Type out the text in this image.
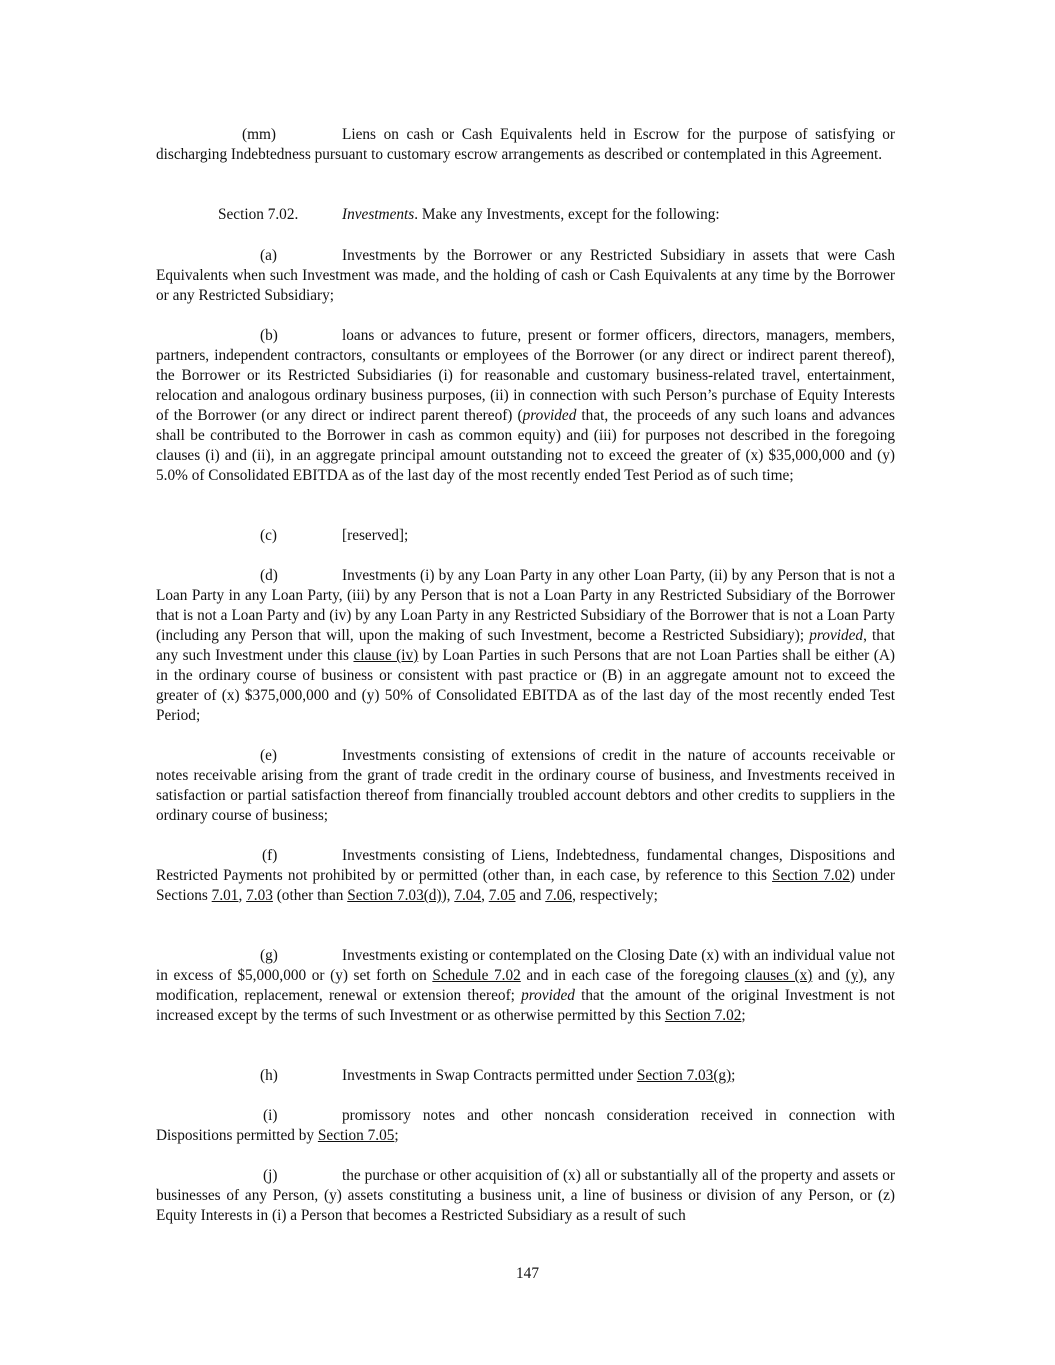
(mm)	Liens on cash or Cash Equivalents held in Escrow for the purpose of satisfying or discharging Indebtedness pursuant to customary escrow arrangements as described or contemplated in this Agreement.

Section 7.02.	Investments. Make any Investments, except for the following:

(a)	Investments by the Borrower or any Restricted Subsidiary in assets that were Cash Equivalents when such Investment was made, and the holding of cash or Cash Equivalents at any time by the Borrower or any Restricted Subsidiary;

(b)	loans or advances to future, present or former officers, directors, managers, members, partners, independent contractors, consultants or employees of the Borrower (or any direct or indirect parent thereof), the Borrower or its Restricted Subsidiaries (i) for reasonable and customary business-related travel, entertainment, relocation and analogous ordinary business purposes, (ii) in connection with such Person’s purchase of Equity Interests of the Borrower (or any direct or indirect parent thereof) (provided that, the proceeds of any such loans and advances shall be contributed to the Borrower in cash as common equity) and (iii) for purposes not described in the foregoing clauses (i) and (ii), in an aggregate principal amount outstanding not to exceed the greater of (x) $35,000,000 and (y) 5.0% of Consolidated EBITDA as of the last day of the most recently ended Test Period as of such time;

(c)	[reserved];

(d)	Investments (i) by any Loan Party in any other Loan Party, (ii) by any Person that is not a Loan Party in any Loan Party, (iii) by any Person that is not a Loan Party in any Restricted Subsidiary of the Borrower that is not a Loan Party and (iv) by any Loan Party in any Restricted Subsidiary of the Borrower that is not a Loan Party (including any Person that will, upon the making of such Investment, become a Restricted Subsidiary); provided, that any such Investment under this clause (iv) by Loan Parties in such Persons that are not Loan Parties shall be either (A) in the ordinary course of business or consistent with past practice or (B) in an aggregate amount not to exceed the greater of (x) $375,000,000 and (y) 50% of Consolidated EBITDA as of the last day of the most recently ended Test Period;

(e)	Investments consisting of extensions of credit in the nature of accounts receivable or notes receivable arising from the grant of trade credit in the ordinary course of business, and Investments received in satisfaction or partial satisfaction thereof from financially troubled account debtors and other credits to suppliers in the ordinary course of business;

(f)	Investments consisting of Liens, Indebtedness, fundamental changes, Dispositions and Restricted Payments not prohibited by or permitted (other than, in each case, by reference to this Section 7.02) under Sections 7.01, 7.03 (other than Section 7.03(d)), 7.04, 7.05 and 7.06, respectively;

(g)	Investments existing or contemplated on the Closing Date (x) with an individual value not in excess of $5,000,000 or (y) set forth on Schedule 7.02 and in each case of the foregoing clauses (x) and (y), any modification, replacement, renewal or extension thereof; provided that the amount of the original Investment is not increased except by the terms of such Investment or as otherwise permitted by this Section 7.02;

(h)	Investments in Swap Contracts permitted under Section 7.03(g);

(i)	promissory notes and other noncash consideration received in connection with Dispositions permitted by Section 7.05;

(j)	the purchase or other acquisition of (x) all or substantially all of the property and assets or businesses of any Person, (y) assets constituting a business unit, a line of business or division of any Person, or (z) Equity Interests in (i) a Person that becomes a Restricted Subsidiary as a result of such

147
